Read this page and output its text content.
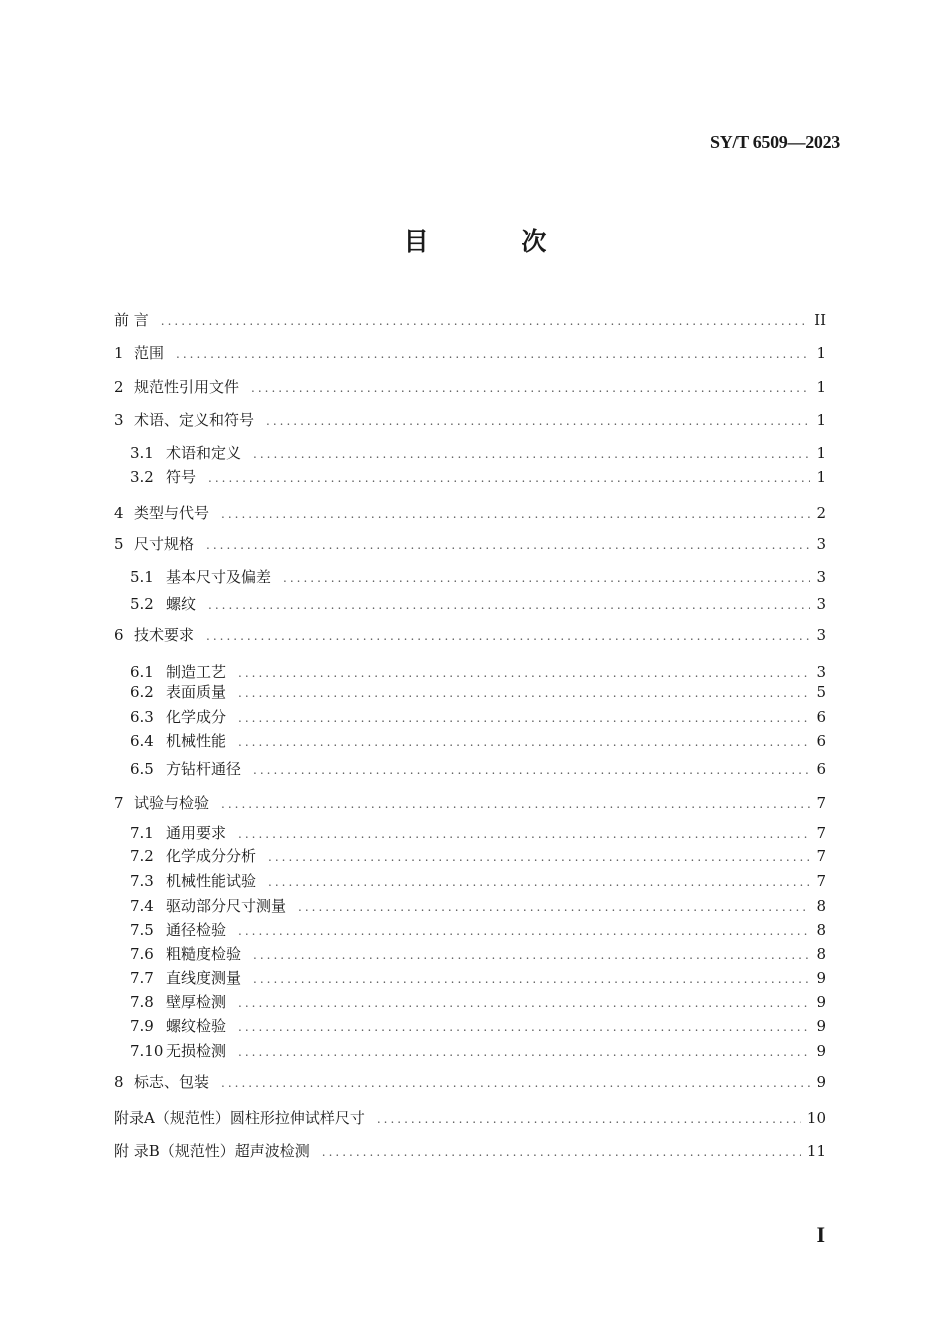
SY/T 6509—2023
目 次
前 言 .....	II
1 范围 .....	1
2 规范性引用文件 .....	1
3 术语、定义和符号 .....	1
3.1 术语和定义 .....	1
3.2 符号 .....	1
4 类型与代号 .....	2
5 尺寸规格 .....	3
5.1 基本尺寸及偏差 .....	3
5.2 螺纹 .....	3
6 技术要求 .....	3
6.1 制造工艺 .....	3
6.2 表面质量 .....	5
6.3 化学成分 .....	6
6.4 机械性能 .....	6
6.5 方钻杆通径 .....	6
7 试验与检验 .....	7
7.1 通用要求 .....	7
7.2 化学成分分析 .....	7
7.3 机械性能试验 .....	7
7.4 驱动部分尺寸测量 .....	8
7.5 通径检验 .....	8
7.6 粗糙度检验 .....	8
7.7 直线度测量 .....	9
7.8 壁厚检测 .....	9
7.9 螺纹检验 .....	9
7.10 无损检测 .....	9
8 标志、包装 .....	9
附录A（规范性）圆柱形拉伸试样尺寸 .....	10
附 录B（规范性）超声波检测 .....	11
I
